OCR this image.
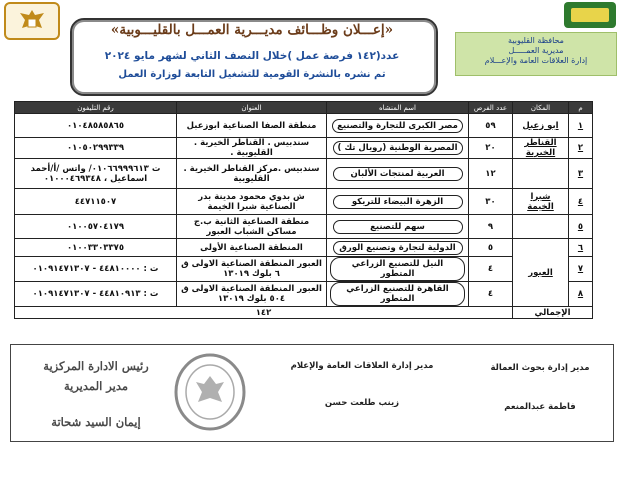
«إعـــلان وظـــائف مديـــرية العمـــل بالقليـــوبية»
عدد(١٤٢ فرصة عمل )خلال النصف الثاني لشهر مايو ٢٠٢٤
تم نشره بالنشرة القومية للتشغيل التابعة لوزارة العمل
محافظة القليوبية
مديرية العمـــــل
إدارة العلاقات العامة والإعـــلام
م	المكان	عدد الفرص	اسم المنشاه	العنوان	رقم التليفون
١	ابو زعبل	٥٩	مصر الكبرى للتجارة والتصنيع	منطقة الصفا الصناعية ابوزعبل	٠١٠٤٨٥٨٥٨٦٥
٢	القناطر الخيرية	٢٠	المصرية الوطنية (رويال تك )	سندبيس . القناطر الخيرية . القليوبية .	٠١٠٥٠٢٩٩٣٣٩
٣		١٢	العربية لمنتجات الألبان	سندبيس .مركز القناطر الخيرية . القليوبية	ت ٠١٠٦٦٩٩٩٦١٣/ واتس /أ/أحمد اسماعيل ، ٠١٠٠٠٤٦٩٣٤٨
٤	شبرا الخيمة	٣٠	الزهرة البيضاء للتريكو	ش بدوي محمود مدينة بدر الصناعية شبرا الخيمة	٤٤٧١١٥٠٧
٥		٩	سهم للتصنيع	منطقة الصناعية الثانية ب.ج مساكن الشباب العبور	٠١٠٠٥٧٠٤١٧٩
٦	العبور	٥	الدولية لتجارة وتصنيع الورق	المنطقة الصناعية الأولى	٠١٠٠٣٣٠٣٣٧٥
٧		٤	النيل للتصنيع الزراعي المتطور	العبور المنطقة الصناعية الاولى ق ٦ بلوك ١٣٠١٩	ت : ٤٤٨١٠٠٠٠ - ٠١٠٩١٤٧١٣٠٧
٨		٤	القاهرة للتصنيع الزراعي المتطور	العبور المنطقة الصناعية الاولى ق ٥٠٤ بلوك ١٣٠١٩	ت : ٤٤٨١٠٩١٣ - ٠١٠٩١٤٧١٣٠٧
الإجمالي		١٤٢			
مدير إدارة بحوث العمالة
فاطمة عبدالمنعم
مدير إدارة العلاقات العامة والإعلام
زينب طلعت حسن
رئيس الادارة المركزية
مدير المديرية
إيمان السيد شحاتة
